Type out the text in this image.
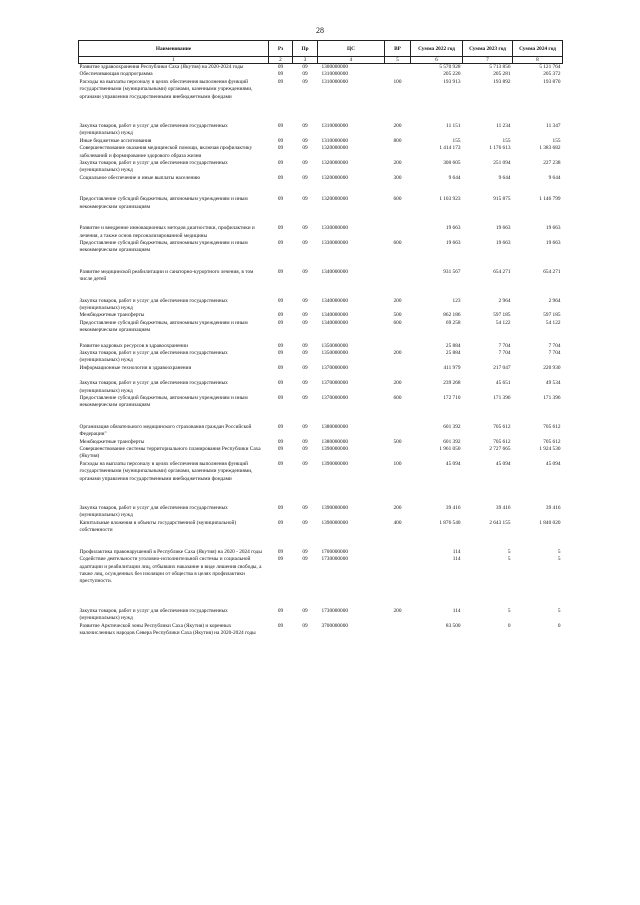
28
Наименование	Рз	Пр	ЦС	ВР	Сумма 2022 год	Сумма 2023 год	Сумма 2024 год
1	2	3	4	5	6	7	8
Развитие здравоохранения Республики Саха (Якутия) на 2020-2024 годы	09	09	1300000000		5 570 928	5 713 856	5 121 764
Обеспечивающая подпрограмма	09	09	1310000000		205 220	205 281	205 372
Расходы на выплаты персоналу в целях обеспечения выполнения функций государственными (муниципальными) органами, казенными учреждениями, органами управления государственными внебюджетными фондами	09	09	1310000000	100	193 913	193 892	193 870
Закупка товаров, работ и услуг для обеспечения государственных (муниципальных) нужд	09	09	1310000000	200	11 151	11 234	11 347
Иные бюджетные ассигнования	09	09	1310000000	800	155	155	155
Совершенствование оказания медицинской помощи, включая профилактику заболеваний и формирование здорового образа жизни	09	09	1320000000		1 414 173	1 176 613	1 383 682
Закупка товаров, работ и услуг для обеспечения государственных (муниципальных) нужд	09	09	1320000000	200	300 605	251 094	227 238
Социальное обеспечение и иные выплаты населению	09	09	1320000000	300	9 644	9 644	9 644
Предоставление субсидий бюджетным, автономным учреждениям и иным некоммерческим организациям	09	09	1320000000	600	1 103 923	915 875	1 146 799
Развитие и внедрение инновационных методов диагностики, профилактики и лечения, а также основ персонализированной медицины	09	09	1330000000		19 663	19 663	19 663
Предоставление субсидий бюджетным, автономным учреждениям и иным некоммерческим организациям	09	09	1330000000	600	19 663	19 663	19 663
Развитие медицинской реабилитации и санаторно-курортного лечения, в том числе детей	09	09	1340000000		931 567	654 271	654 271
Закупка товаров, работ и услуг для обеспечения государственных (муниципальных) нужд	09	09	1340000000	200	123	2 964	2 964
Межбюджетные трансферты	09	09	1340000000	500	862 186	597 185	597 185
Предоставление субсидий бюджетным, автономным учреждениям и иным некоммерческим организациям	09	09	1340000000	600	69 258	54 122	54 122
Развитие кадровых ресурсов в здравоохранении	09	09	1350000000		25 884	7 704	7 704
Закупка товаров, работ и услуг для обеспечения государственных (муниципальных) нужд	09	09	1350000000	200	25 884	7 704	7 704
Информационные технологии в здравоохранении	09	09	1370000000		411 979	217 047	220 930
Закупка товаров, работ и услуг для обеспечения государственных (муниципальных) нужд	09	09	1370000000	200	239 268	45 651	49 534
Предоставление субсидий бюджетным, автономным учреждениям и иным некоммерческим организациям	09	09	1370000000	600	172 710	171 396	171 396
Организация обязательного медицинского страхования граждан Российской Федерации"	09	09	1380000000		601 392	705 612	705 612
Межбюджетные трансферты	09	09	1380000000	500	601 392	705 612	705 612
Совершенствование системы территориального планирования Республики Саха (Якутия)	09	09	1390000000		1 961 050	2 727 665	1 924 530
Расходы на выплаты персоналу в целях обеспечения выполнения функций государственными (муниципальными) органами, казенными учреждениями, органами управления государственными внебюджетными фондами	09	09	1390000000	100	45 094	45 094	45 094
Закупка товаров, работ и услуг для обеспечения государственных (муниципальных) нужд	09	09	1390000000	200	39 416	39 416	39 416
Капитальные вложения в объекты государственной (муниципальной) собственности	09	09	1390000000	400	1 876 540	2 643 155	1 840 020
Профилактика правонарушений в Республике Саха (Якутия) на 2020 - 2024 годы	09	09	1700000000		114	5	5
Содействие деятельности уголовно-исполнительной системы и социальной адаптации и реабилитации лиц, отбывших наказание в виде лишения свободы, а также лиц, осужденных без изоляции от общества в целях профилактики преступности.	09	09	1730000000		114	5	5
Закупка товаров, работ и услуг для обеспечения государственных (муниципальных) нужд	09	09	1730000000	200	114	5	5
Развитие Арктической зоны Республики Саха (Якутия) и коренных малочисленных народов Севера Республики Саха (Якутия) на 2020-2024 годы	09	09	3700000000		83 500	0	0
